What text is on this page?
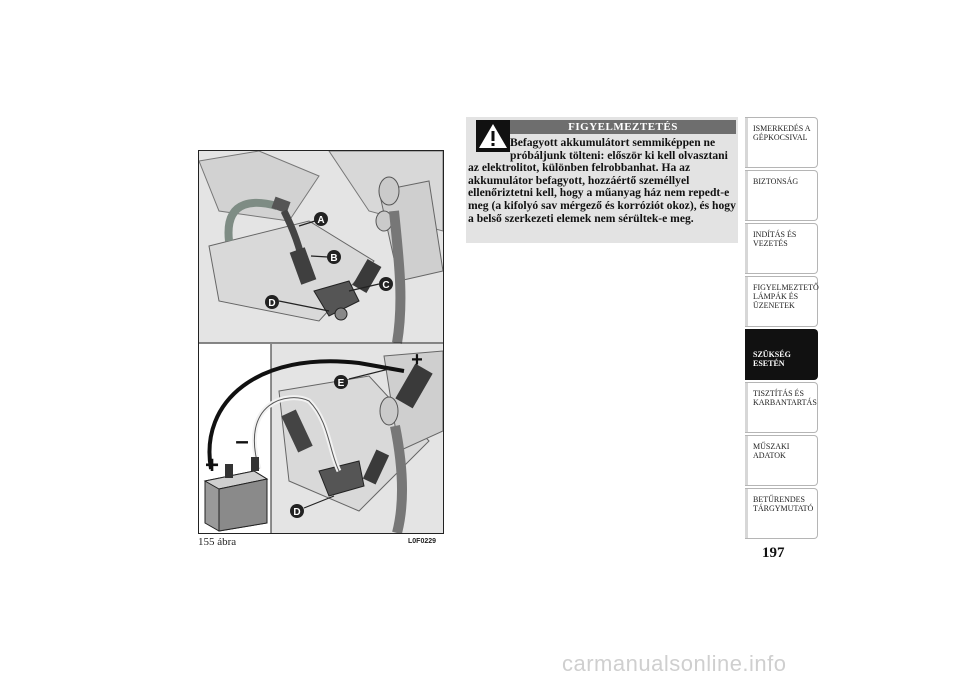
A
B
C
D
E
D
+
+
–
155 ábra	L0F0229
FIGYELMEZTETÉS
Befagyott akkumulátort semmiképpen ne próbáljunk tölteni: először ki kell olvasztani az elektrolitot, különben felrobbanhat. Ha az akkumulátor befagyott, hozzáértő személlyel ellenőriztetni kell, hogy a műanyag ház nem repedt-e meg (a kifolyó sav mérgező és korróziót okoz), és hogy a belső szerkezeti elemek nem sérültek-e meg.
ISMERKEDÉS A GÉPKOCSIVAL
BIZTONSÁG
INDÍTÁS ÉS VEZETÉS
FIGYELMEZTETŐ LÁMPÁK ÉS ÜZENETEK
SZÜKSÉG ESETÉN
TISZTÍTÁS ÉS KARBANTARTÁS
MŰSZAKI ADATOK
BETŰRENDES TÁRGYMUTATÓ
197
carmanualsonline.info
